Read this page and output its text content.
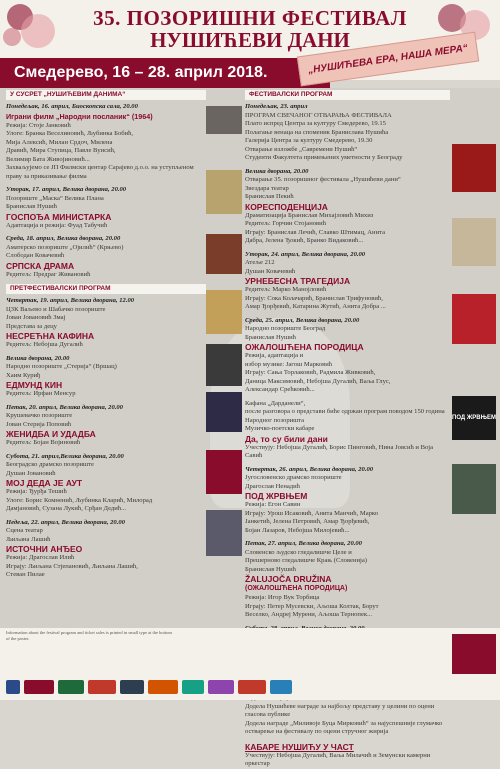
35. ПОЗОРИШНИ ФЕСТИВАЛ
НУШИЋЕВИ ДАНИ
Смедерево, 16 – 28. април 2018.	„НУШИЋЕВА ЕРА, НАША МЕРА“
У СУСРЕТ „НУШИЋЕВИМ ДАНИМА“
Понедељак, 16. април, Биоскопска сала, 20.00
Играни филм „Народни посланик“ (1964)

Режија: Стоје Јанковић

Улоге: Бранка Веселиновић, Љубинка Бобић,

Мија Алексић, Милан Срдоч, Милена

Дравић, Мира Ступица, Павле Вуисић,

Велимир Бата Живојиновић...

Захваљујемо се ЈП Филмски центар Сарајево д.о.о. на уступљеном

праву за приказивање филма

Уторак, 17. април, Велика дворана, 20.00

Позориште „Маска“ Велика Плана

Бранислав Нушић

ГОСПОЂА МИНИСТАРКА

Адаптација и режија: Фуад Табучић

Среда, 18. април, Велика дворана, 20.00

Аматерско позориште „Ојилић“ (Крњево)

Слободан Ковачевић

СРПСКА ДРАМА

Редитељ: Предраг Живановић

ПРЕТФЕСТИВАЛСКИ ПРОГРАМ
Четвртак, 19. април, Велика дворана, 12.00

ЦЗК Ваљево и Шабачко позориште

Јован Јовановић Змај

Представа за децу

НЕСРЕЋНА КАФИНА

Редитељ: Небојша Дугалић

Велика дворана, 20.00

Народно позориште „Стерија“ (Вршац)

Хаим Куриђ

ЕДМУНД КИН

Редитељ: Ирфан Менсур

Петак, 20. април, Велика дворана, 20.00

Крушевачко позориште

Јован Стерија Поповић

ЖЕНИДБА И УДАДБА

Редитељ: Бојан Војиновић

Субота, 21. април,Велика дворана, 20.00

Београдско драмско позориште

Душан Јовановић

МОЈ ДЕДА ЈЕ АУТ

Режија: Ђурђа Тешић

Улоге: Борис Комненић, Љубинка Кларић, Милорад

Дамјановић, Сузана Лукић, Срђан Дедић...

Недеља, 22. април, Велика дворана, 20.00

Сцена театар

Љиљана Лашић

ИСТОЧНИ АНЂЕО

Режија: Драгослав Илић

Играју: Љиљана Стјепановић, Љиљана Лашић,

Стеван Пилае

ФЕСТИВАЛСКИ ПРОГРАМ
Понедељак, 23. април

ПРОГРАМ СВЕЧАНОГ ОТВАРАЊА ФЕСТИВАЛА

Плато испред Центра за културу Смедерево, 19.15

Полагање венаца на споменик Бранислава Нушића

Галерија Центра за културу Смедерево, 19.30

Отварање изложбе „Савремени Нушић“

Студенти Факултета примењених уметности у Београду

Велика дворана, 20.00

Отварање 35. позоришног фестивала „Нушићеви дани“

Звездара театар

Бранислав Пекић

КОРЕСПОДЕНЦИЈА

Драматизација Бранислав Михајловић Михиз

Редитељ: Горчин Стојановић

Играју: Бранислав Лечић, Славко Штимац, Анита

Дабра, Јелена Ђокић, Бранко Видаковић...

Уторак, 24. април, Велика дворана, 20.00

Атеље 212

Душан Ковачевић

УРНЕБЕСНА ТРАГЕДИЈА

Редитељ: Марко Манојловић

Играју: Сока Колачарић, Бранислав Трифуновић,

Амар Ђорђевић, Катарина Жутић, Анита Добра ...

Среда, 25. април, Велика дворана, 20.00

Народно позориште Београд

Бранислав Нушић

ОЖАЛОШЋЕНА ПОРОДИЦА

Режија, адаптација и

избор музике: Јагош Марковић

Играју: Сања Торлаковић, Радмила Живковић,

Даница Максимовић, Небојша Дугалић, Ваља Глус,

Александар Срећковић...

Кафана „Дарданели“,

после разговора о представи биће одржан програм поводом 150 година

Народног позоришта

Музичко-поетски кабаре

Да, то су били дани

Учествују: Небојша Дугалић, Борис Пинговић, Нина Јовсић и Воја Савић

Четвртак, 26. април, Велика дворана, 20.00

Југословенско драмско позориште

Драгослав Ненадић

ПОД ЖРВЊЕМ

Режија: Егон Савин

Играју: Урош Исаковић, Анита Манчић, Марко

Јанкетић, Јелена Петровић, Амар Ђорђевић,

Бојан Лазаров, Небојша Милојевић...

Петак, 27. април, Велика дворана, 20.00

Словенско људско гледалишче Целе и

Прешерново гледалишче Крањ (Словенија)

Бранислав Нушић

ŽALUJOČA DRUŽINA
(ОЖАЛОШЋЕНА ПОРОДИЦА)

Режија: Игор Вук Торбица

Играју: Петер Мусевски, Аљоша Колтак, Борут

Веселко, Андреј Мурени, Аљоша Тернопек...

Додела Нушићеве награде за најбољу представу у целини по оцени

гласова публике

Додела награде „Миливоје Буца Мирковић“ за најуспешније глумачко

остварење на фестивалу по оцени стручног жирија

КАБАРЕ НУШИЋУ У ЧАСТ

Учествују: Небојша Дугалић, Ваља Милачић и Земунски камерни

оркестар

ПОД ЖРВЊЕМ
Information about the festival program and ticket sales is printed in small type at the bottom of the poster.
